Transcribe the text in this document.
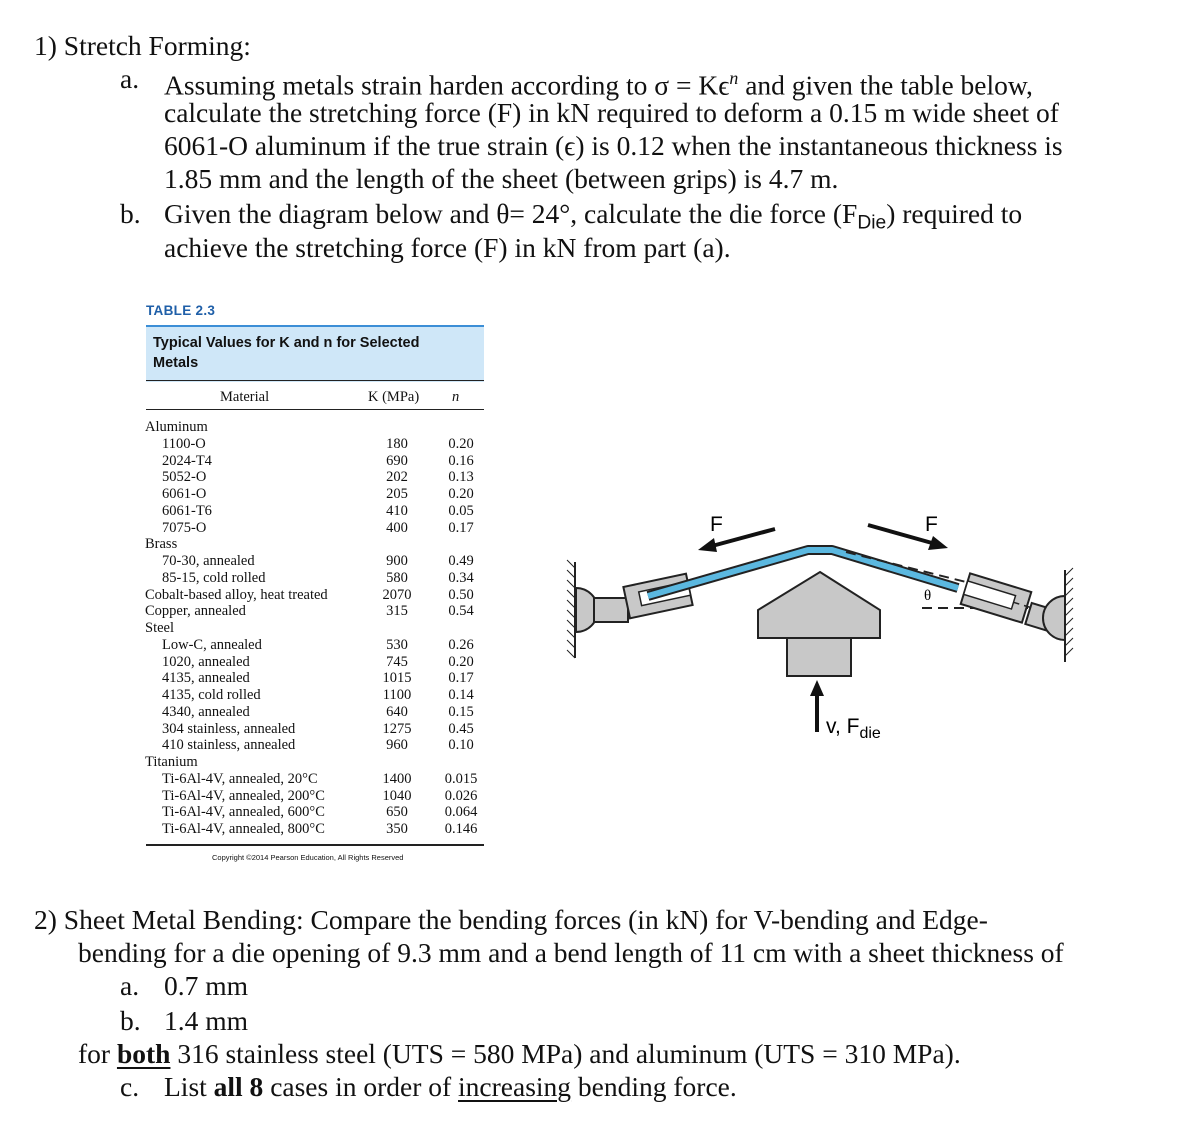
1) Stretch Forming:
a. Assuming metals strain harden according to $\sigma = K\epsilon^n$ and given the table below,
calculate the stretching force (F) in kN required to deform a 0.15 m wide sheet of
6061-O aluminum if the true strain (ϵ) is 0.12 when the instantaneous thickness is
1.85 mm and the length of the sheet (between grips) is 4.7 m.
b. Given the diagram below and θ= 24°, calculate the die force $(F_{Die})$ required to
achieve the stretching force (F) in kN from part (a).
TABLE 2.3
Typical Values for K and n for Selected Metals
Material	K (MPa) n
Aluminum
1100-O	180	0.20
2024-T4	690	0.16
5052-O	202	0.13
6061-O	205	0.20
6061-T6	410	0.05
7075-O	400	0.17
Brass
70-30, annealed	900	0.49
85-15, cold rolled	580	0.34
Cobalt-based alloy, heat treated	2070	0.50
Copper, annealed	315	0.54
Steel
Low-C, annealed	530	0.26
1020, annealed	745	0.20
4135, annealed	1015	0.17
4135, cold rolled	1100	0.14
4340, annealed	640	0.15
304 stainless, annealed	1275	0.45
410 stainless, annealed	960	0.10
Titanium
Ti-6Al-4V, annealed, 20°C	1400	0.015
Ti-6Al-4V, annealed, 200°C	1040	0.026
Ti-6Al-4V, annealed, 600°C	650	0.064
Ti-6Al-4V, annealed, 800°C	350	0.146
Copyright ©2014 Pearson Education, All Rights Reserved
F	F
θ
v, $F_{die}$
2) Sheet Metal Bending: Compare the bending forces (in kN) for V-bending and Edge-
bending for a die opening of 9.3 mm and a bend length of 11 cm with a sheet thickness of
a. 0.7 mm
b. 1.4 mm
for both 316 stainless steel (UTS = 580 MPa) and aluminum (UTS = 310 MPa).
c. List all 8 cases in order of increasing bending force.
